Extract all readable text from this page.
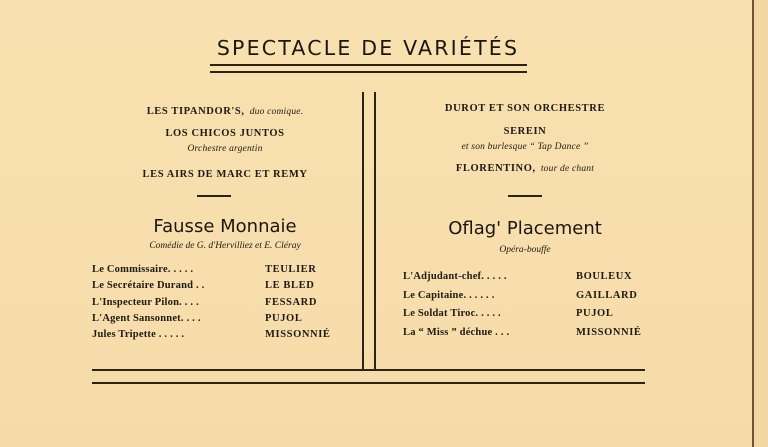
SPECTACLE DE VARIÉTÉS
LES TIPANDOR'S, duo comique.
LOS CHICOS JUNTOS
Orchestre argentin
LES AIRS DE MARC ET REMY
DUROT ET SON ORCHESTRE
SEREIN
et son burlesque “ Tap Dance ”
FLORENTINO, tour de chant
Fausse Monnaie
Comédie de G. d'Hervilliez et E. Cléray
Le Commissaire. . . . .	TEULIER
Le Secrétaire Durand . .	LE BLED
L'Inspecteur Pilon. . . .	FESSARD
L'Agent Sansonnet. . . .	PUJOL
Jules Tripette . . . . .	MISSONNIÉ
Oflag' Placement
Opéra-bouffe
L'Adjudant-chef. . . . .	BOULEUX
Le Capitaine. . . . . .	GAILLARD
Le Soldat Tiroc. . . . .	PUJOL
La “ Miss ” déchue . . .	MISSONNIÉ
